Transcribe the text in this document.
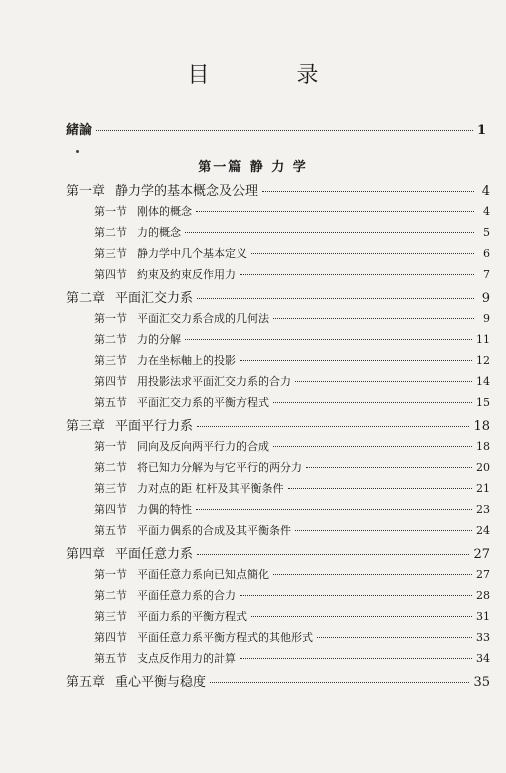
目 录
緒論	1
第一篇 静 力 学
第一章 静力学的基本概念及公理	4
第一节 刚体的概念	4
第二节 力的概念	5
第三节 静力学中几个基本定义	6
第四节 約束及約束反作用力	7
第二章 平面汇交力系	9
第一节 平面汇交力系合成的几何法	9
第二节 力的分解	11
第三节 力在坐标軸上的投影	12
第四节 用投影法求平面汇交力系的合力	14
第五节 平面汇交力系的平衡方程式	15
第三章 平面平行力系	18
第一节 同向及反向两平行力的合成	18
第二节 将已知力分解为与它平行的两分力	20
第三节 力对点的距 杠杆及其平衡条件	21
第四节 力偶的特性	23
第五节 平面力偶系的合成及其平衡条件	24
第四章 平面任意力系	27
第一节 平面任意力系向已知点簡化	27
第二节 平面任意力系的合力	28
第三节 平面力系的平衡方程式	31
第四节 平面任意力系平衡方程式的其他形式	33
第五节 支点反作用力的計算	34
第五章 重心平衡与稳度	35
